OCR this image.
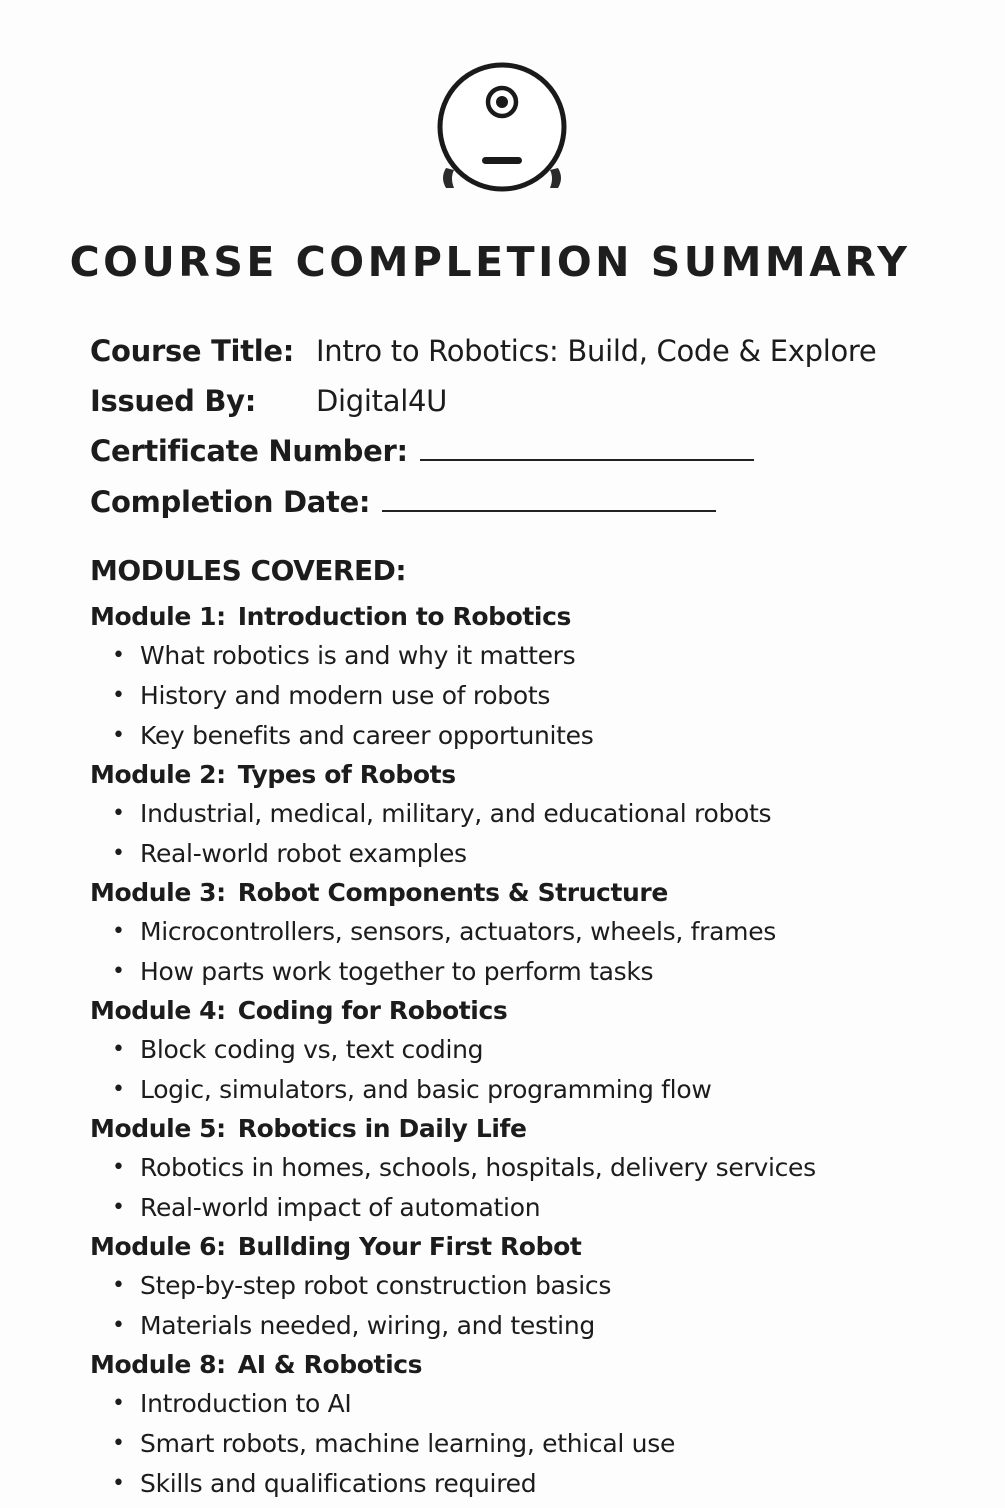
COURSE COMPLETION SUMMARY
Course Title: Intro to Robotics: Build, Code & Explore
Issued By: Digital4U
Certificate Number:
Completion Date:
MODULES COVERED:
Module 1: Introduction to Robotics
• What robotics is and why it matters
• History and modern use of robots
• Key benefits and career opportunites
Module 2: Types of Robots
• Industrial, medical, military, and educational robots
• Real-world robot examples
Module 3: Robot Components & Structure
• Microcontrollers, sensors, actuators, wheels, frames
• How parts work together to perform tasks
Module 4: Coding for Robotics
• Block coding vs, text coding
• Logic, simulators, and basic programming flow
Module 5: Robotics in Daily Life
• Robotics in homes, schools, hospitals, delivery services
• Real-world impact of automation
Module 6: Bullding Your First Robot
• Step-by-step robot construction basics
• Materials needed, wiring, and testing
Module 8: AI & Robotics
• Introduction to AI
• Smart robots, machine learning, ethical use
• Skills and qualifications required
